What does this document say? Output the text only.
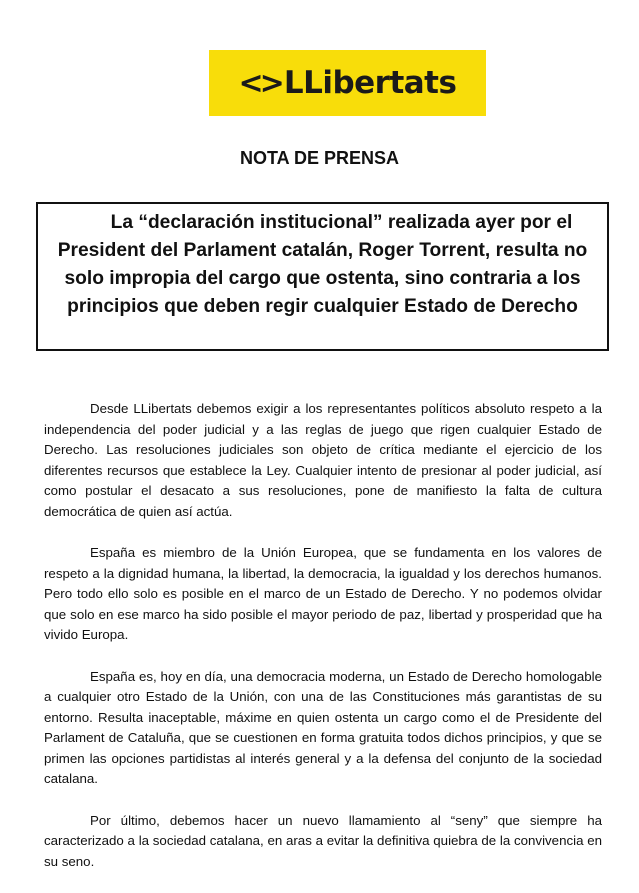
<> LLibertats
NOTA DE PRENSA

La “declaración institucional” realizada ayer por el President del Parlament catalán, Roger Torrent, resulta no solo impropia del cargo que ostenta, sino contraria a los principios que deben regir cualquier Estado de Derecho

Desde LLibertats debemos exigir a los representantes políticos absoluto respeto a la independencia del poder judicial y a las reglas de juego que rigen cualquier Estado de Derecho. Las resoluciones judiciales son objeto de crítica mediante el ejercicio de los diferentes recursos que establece la Ley. Cualquier intento de presionar al poder judicial, así como postular el desacato a sus resoluciones, pone de manifiesto la falta de cultura democrática de quien así actúa.

España es miembro de la Unión Europea, que se fundamenta en los valores de respeto a la dignidad humana, la libertad, la democracia, la igualdad y los derechos humanos. Pero todo ello solo es posible en el marco de un Estado de Derecho. Y no podemos olvidar que solo en ese marco ha sido posible el mayor periodo de paz, libertad y prosperidad que ha vivido Europa.

España es, hoy en día, una democracia moderna, un Estado de Derecho homologable a cualquier otro Estado de la Unión, con una de las Constituciones más garantistas de su entorno. Resulta inaceptable, máxime en quien ostenta un cargo como el de Presidente del Parlament de Cataluña, que se cuestionen en forma gratuita todos dichos principios, y que se primen las opciones partidistas al interés general y a la defensa del conjunto de la sociedad catalana.

Por último, debemos hacer un nuevo llamamiento al “seny” que siempre ha caracterizado a la sociedad catalana, en aras a evitar la definitiva quiebra de la convivencia en su seno.
